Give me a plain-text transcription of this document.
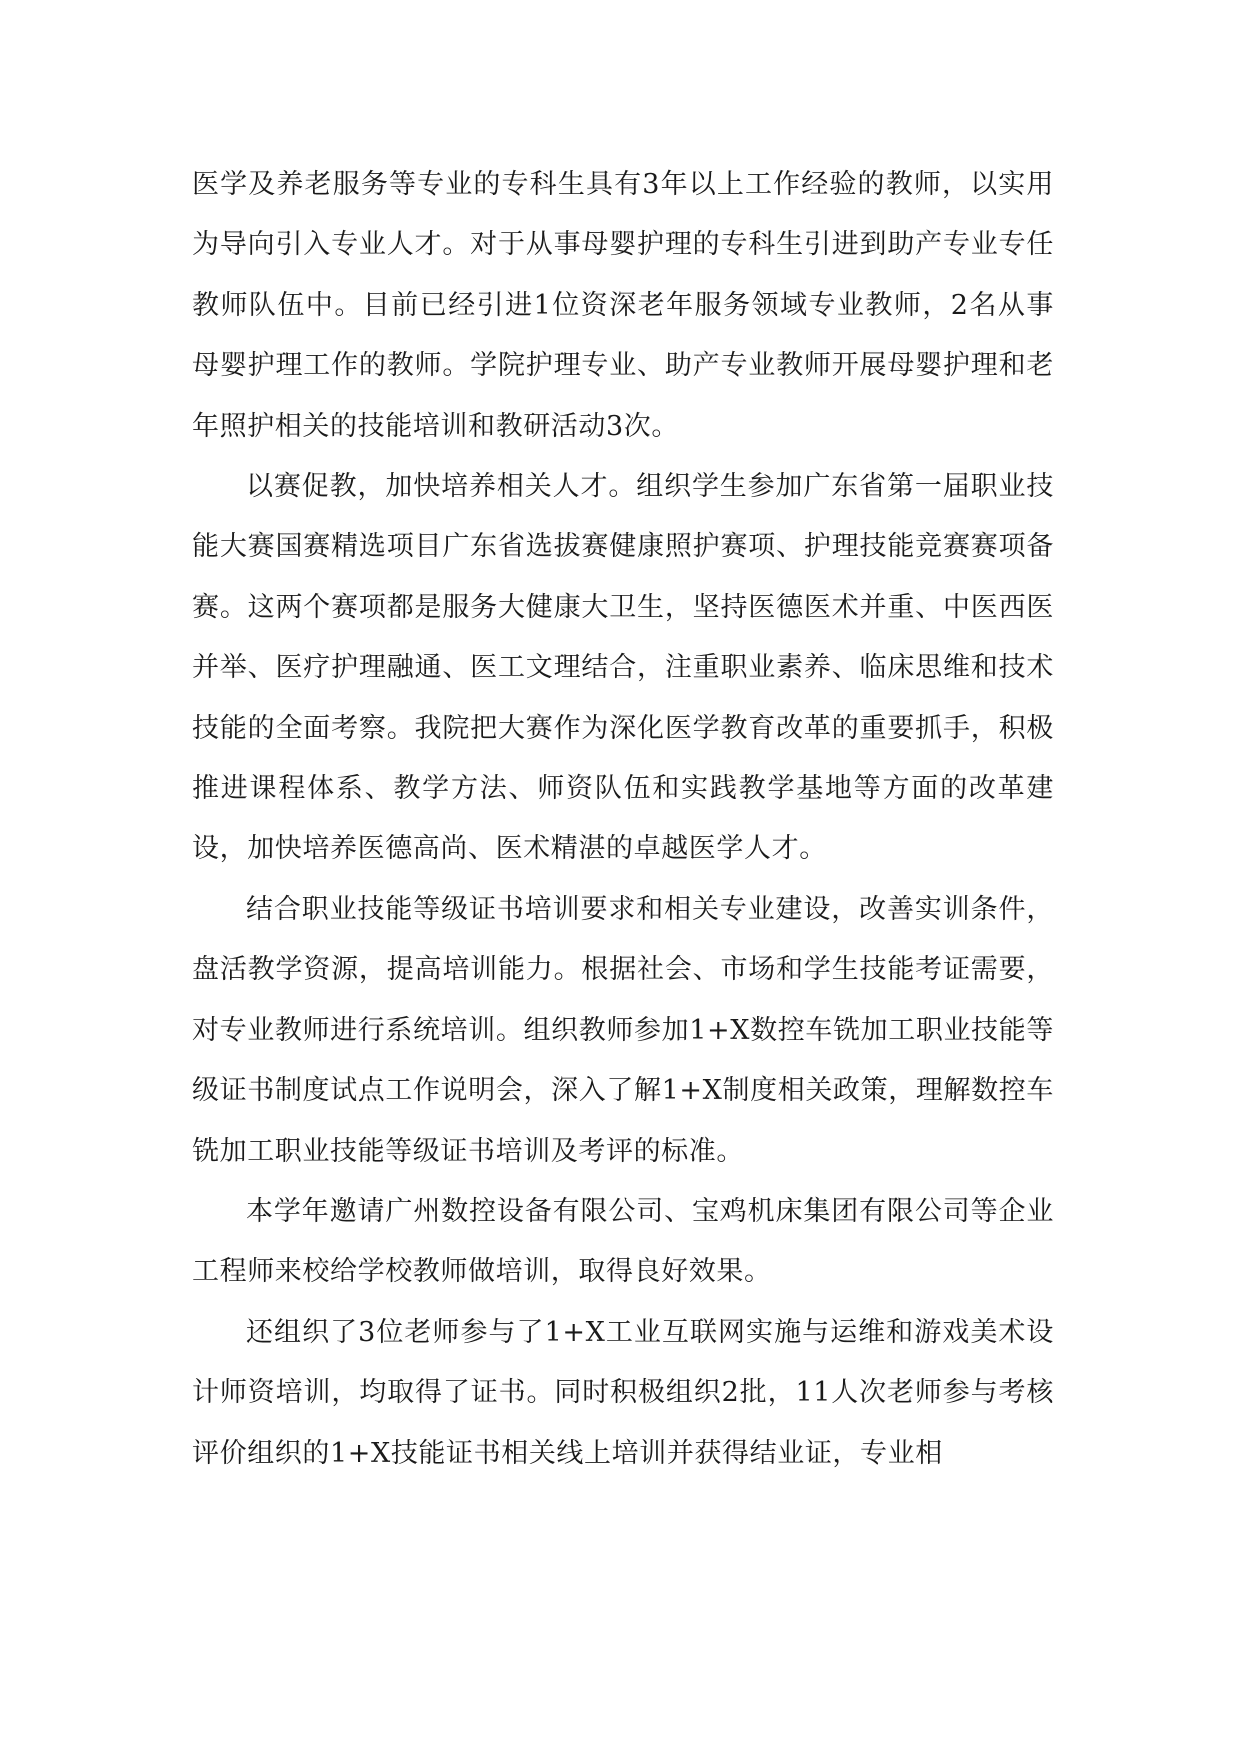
医学及养老服务等专业的专科生具有3年以上工作经验的教师，以实用为导向引入专业人才。对于从事母婴护理的专科生引进到助产专业专任教师队伍中。目前已经引进1位资深老年服务领域专业教师，2名从事母婴护理工作的教师。学院护理专业、助产专业教师开展母婴护理和老年照护相关的技能培训和教研活动3次。

以赛促教，加快培养相关人才。组织学生参加广东省第一届职业技能大赛国赛精选项目广东省选拔赛健康照护赛项、护理技能竞赛赛项备赛。这两个赛项都是服务大健康大卫生，坚持医德医术并重、中医西医并举、医疗护理融通、医工文理结合，注重职业素养、临床思维和技术技能的全面考察。我院把大赛作为深化医学教育改革的重要抓手，积极推进课程体系、教学方法、师资队伍和实践教学基地等方面的改革建设，加快培养医德高尚、医术精湛的卓越医学人才。

结合职业技能等级证书培训要求和相关专业建设，改善实训条件，盘活教学资源，提高培训能力。根据社会、市场和学生技能考证需要，对专业教师进行系统培训。组织教师参加1+X数控车铣加工职业技能等级证书制度试点工作说明会，深入了解1+X制度相关政策，理解数控车铣加工职业技能等级证书培训及考评的标准。

本学年邀请广州数控设备有限公司、宝鸡机床集团有限公司等企业工程师来校给学校教师做培训，取得良好效果。

还组织了3位老师参与了1+X工业互联网实施与运维和游戏美术设计师资培训，均取得了证书。同时积极组织2批，11人次老师参与考核评价组织的1+X技能证书相关线上培训并获得结业证，专业相
